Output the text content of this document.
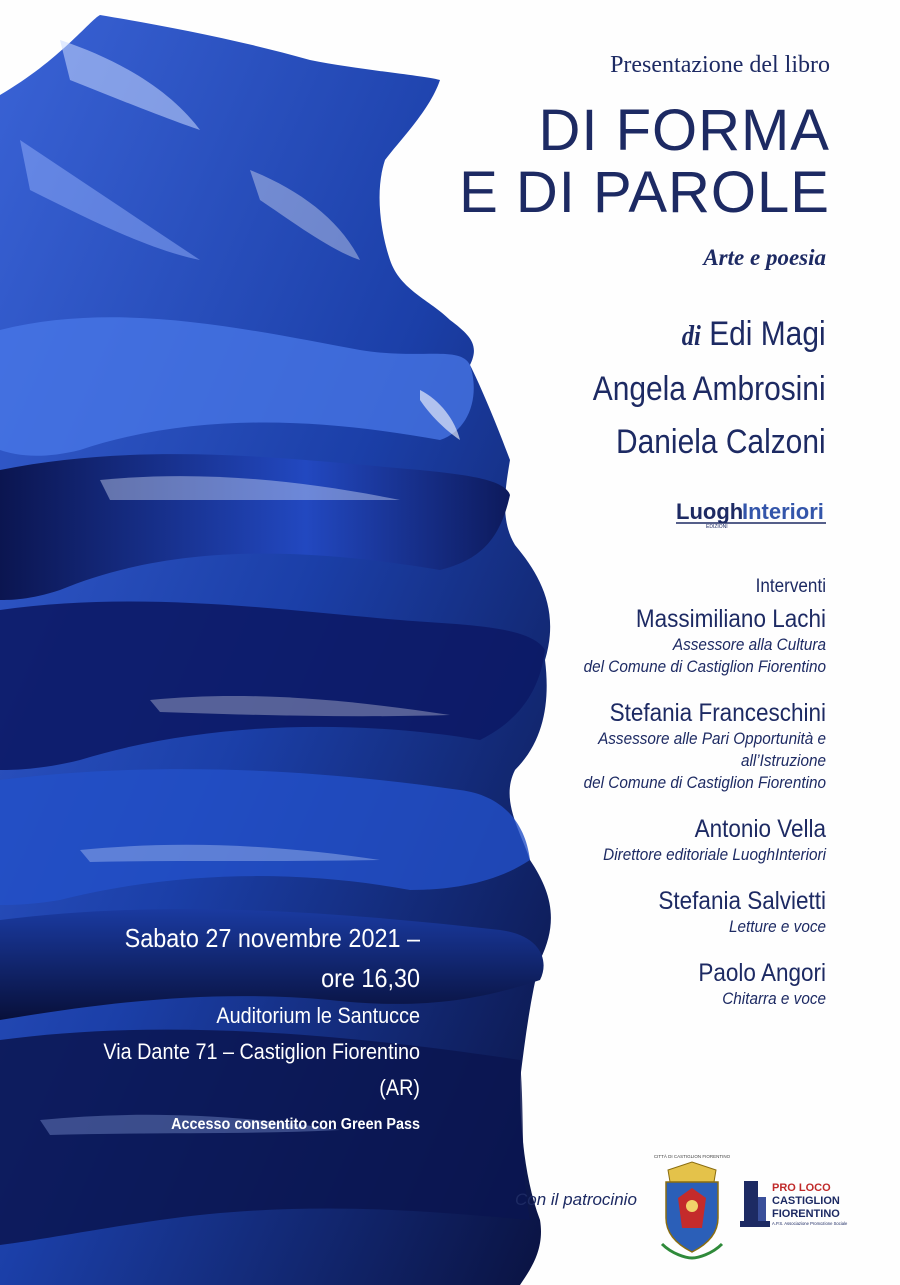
Presentazione del libro
DI FORMA
E DI PAROLE
Arte e poesia
di Edi Magi
Angela Ambrosini
Daniela Calzoni
Luogh
Interiori
EDIZIONI
Interventi
Massimiliano Lachi
Assessore alla Cultura
del Comune di Castiglion Fiorentino
Stefania Franceschini
Assessore alle Pari Opportunità e all’Istruzione
del Comune di Castiglion Fiorentino
Antonio Vella
Direttore editoriale LuoghInteriori
Stefania Salvietti
Letture e voce
Paolo Angori
Chitarra e voce
Sabato 27 novembre 2021 – ore 16,30
Auditorium le Santucce
Via Dante 71 – Castiglion Fiorentino (AR)
Accesso consentito con Green Pass
Con il patrocinio
CITTÀ DI CASTIGLION FIORENTINO
PRO LOCO
CASTIGLION
FIORENTINO
A.P.S. Associazione Promozione Sociale
